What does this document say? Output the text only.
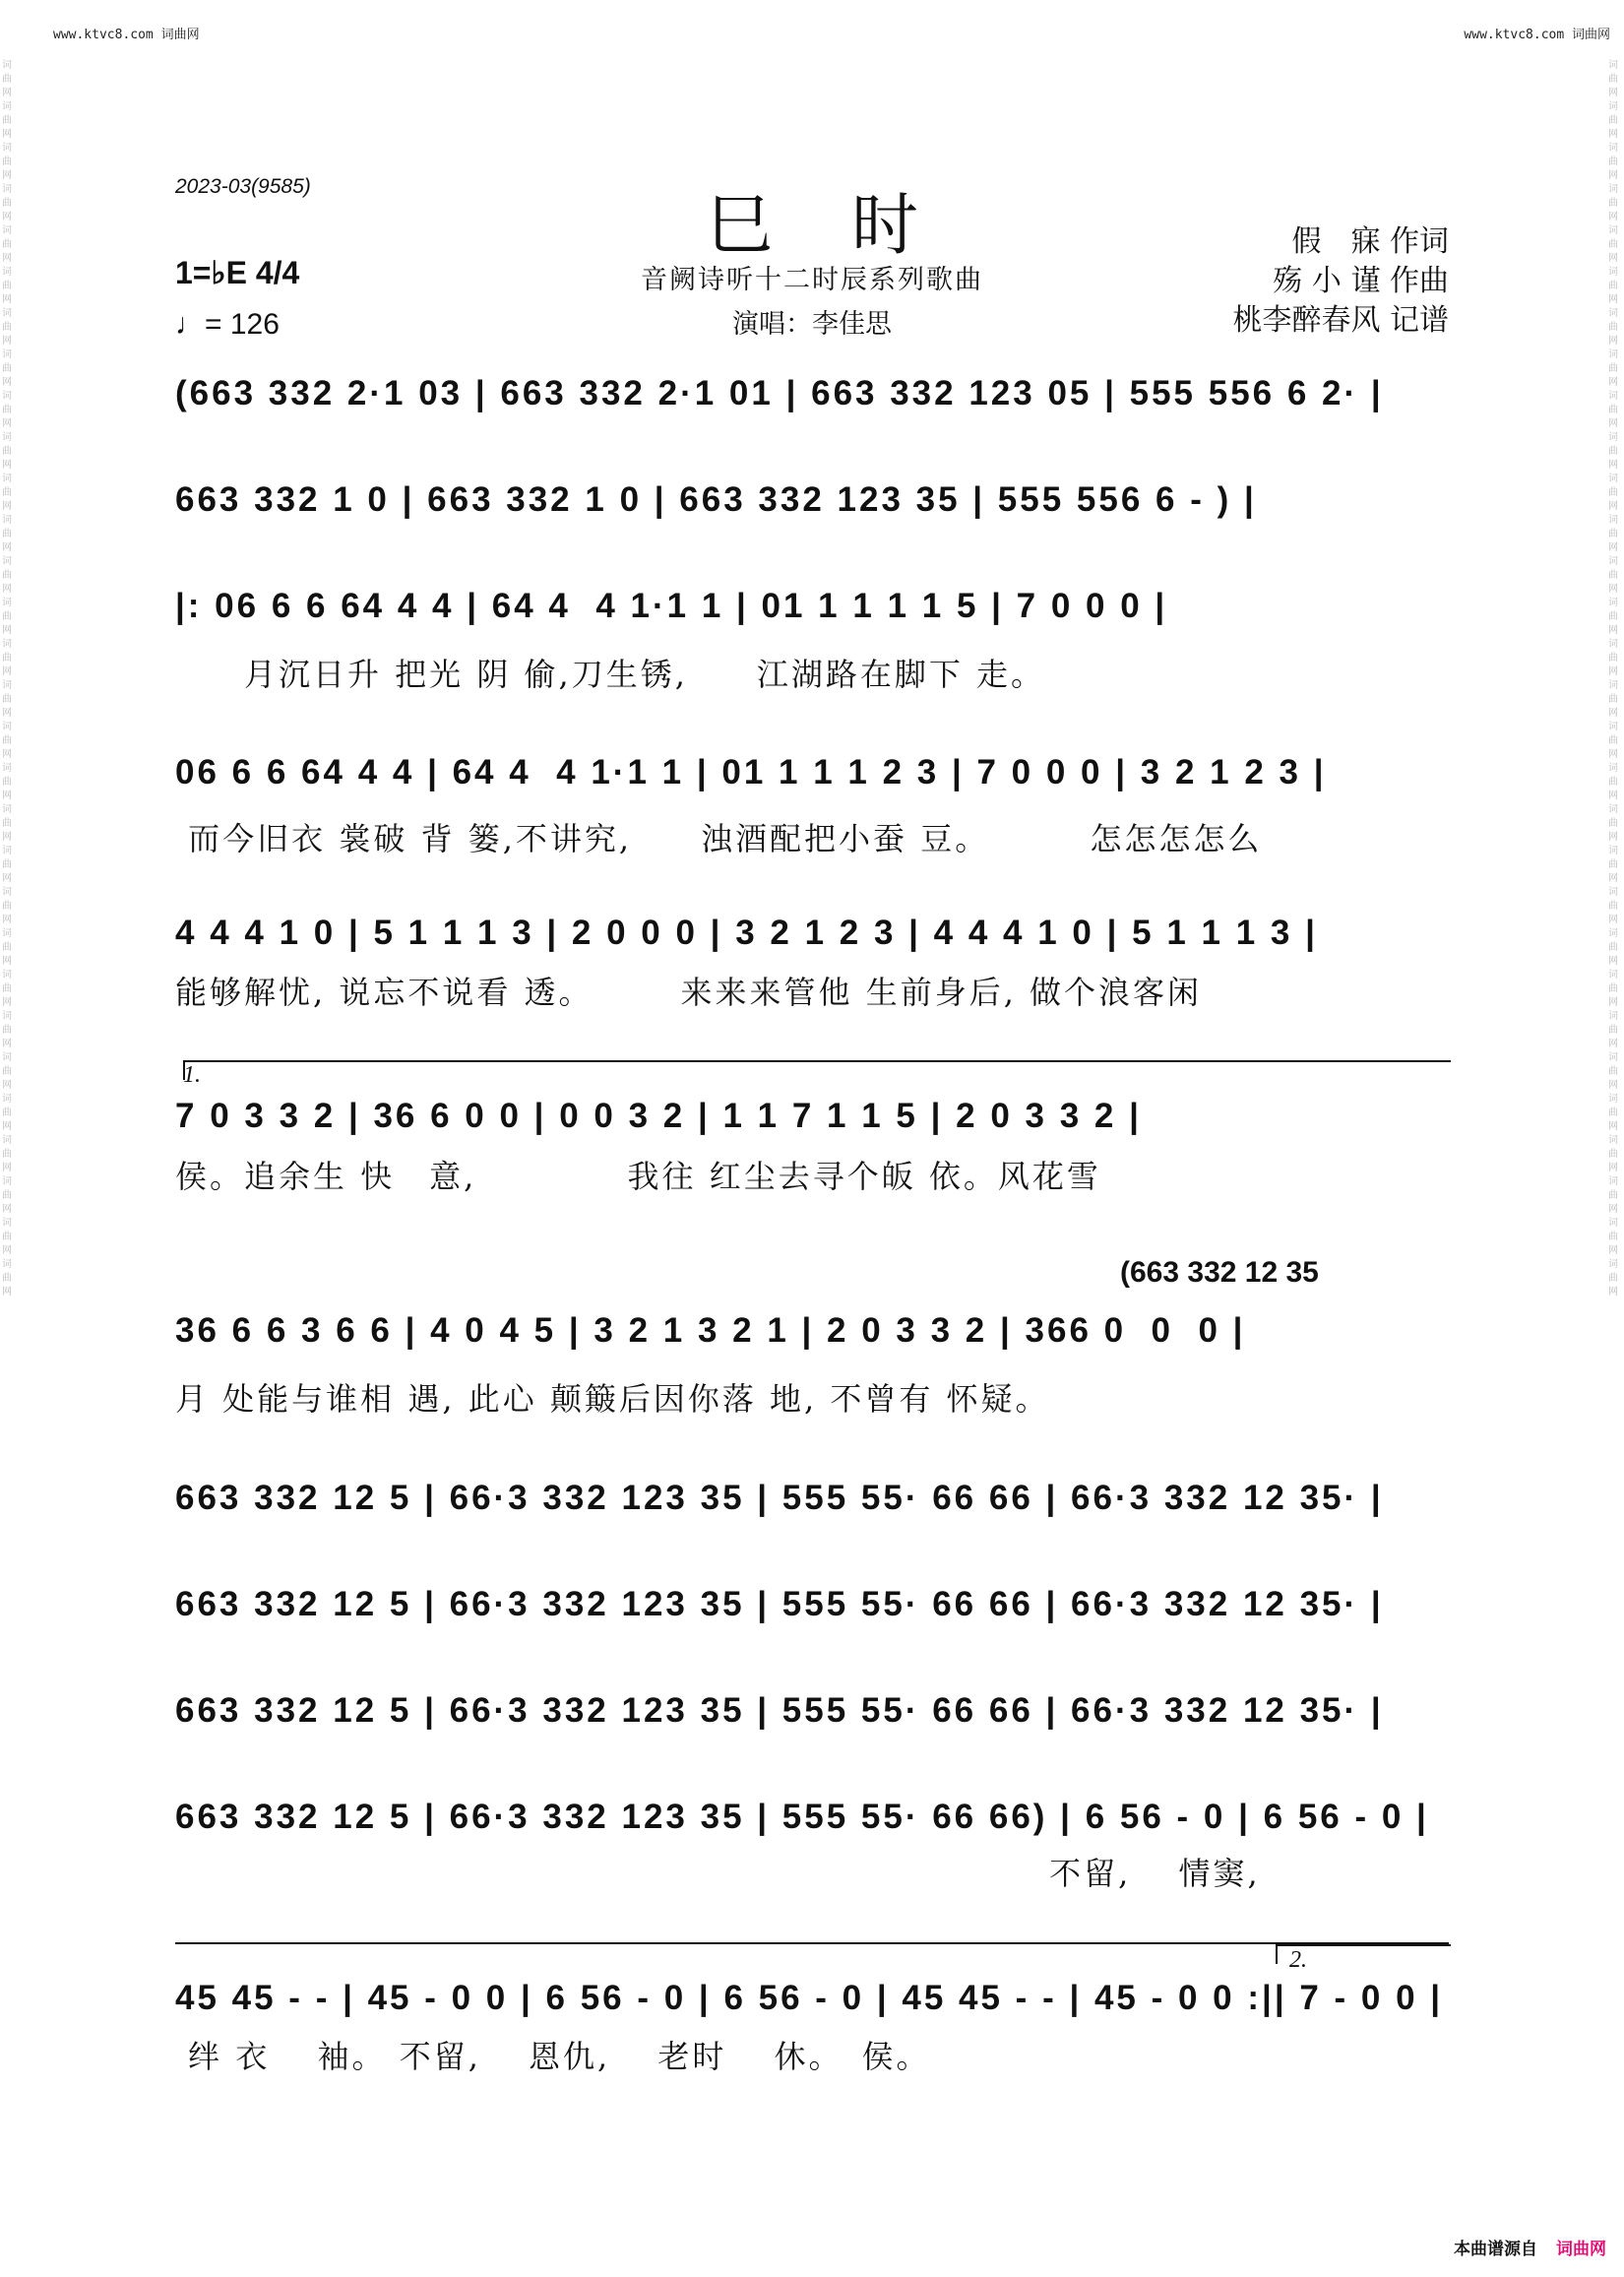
www.ktvc8.com 词曲网	www.ktvc8.com 词曲网
词曲网 词曲网 词曲网 词曲网 词曲网 词曲网 词曲网 词曲网 词曲网 词曲网 词曲网 词曲网 词曲网 词曲网 词曲网 词曲网 词曲网 词曲网 词曲网 词曲网 词曲网 词曲网 词曲网 词曲网 词曲网 词曲网 词曲网 词曲网 词曲网 词曲网
词曲网 词曲网 词曲网 词曲网 词曲网 词曲网 词曲网 词曲网 词曲网 词曲网 词曲网 词曲网 词曲网 词曲网 词曲网 词曲网 词曲网 词曲网 词曲网 词曲网 词曲网 词曲网 词曲网 词曲网 词曲网 词曲网 词曲网 词曲网 词曲网 词曲网
2023-03(9585)
巳时
音阙诗听十二时辰系列歌曲
演唱：李佳思
假　寐 作词
殇 小 谨 作曲
桃李醉春风 记谱
1=♭E 4/4
♩= 126
(663 332 2·1 03 | 663 332 2·1 01 | 663 332 123 05 | 555 556 6 2· |
663 332 1 0 | 663 332 1 0 | 663 332 123 35 | 555 556 6 - ) |
|: 06 6 6 64 4 4 | 64 4  4 1·1 1 | 01 1 1 1 1 5 | 7 0 0 0 |
　　月沉日升 把光 阴 偷,刀生锈,　　江湖路在脚下 走。
06 6 6 64 4 4 | 64 4  4 1·1 1 | 01 1 1 1 2 3 | 7 0 0 0 | 3 2 1 2 3 |
而今旧衣 裳破 背 篓,不讲究,　　浊酒配把小蚕 豆。　　　 怎怎怎怎么
4 4 4 1 0 | 5 1 1 1 3 | 2 0 0 0 | 3 2 1 2 3 | 4 4 4 1 0 | 5 1 1 1 3 |
能够解忧, 说忘不说看 透。　　　来来来管他 生前身后, 做个浪客闲
1.
7 0 3 3 2 | 36 6 0 0 | 0 0 3 2 | 1 1 7 1 1 5 | 2 0 3 3 2 |
侯。追余生 快　意,　　　　 我往 红尘去寻个皈 依。风花雪
(663 332 12 35
36 6 6 3 6 6 | 4 0 4 5 | 3 2 1 3 2 1 | 2 0 3 3 2 | 366 0  0  0 |
月 处能与谁相 遇, 此心 颠簸后因你落 地, 不曾有 怀疑。
663 332 12 5 | 66·3 332 123 35 | 555 55· 66 66 | 66·3 332 12 35· |
663 332 12 5 | 66·3 332 123 35 | 555 55· 66 66 | 66·3 332 12 35· |
663 332 12 5 | 66·3 332 123 35 | 555 55· 66 66 | 66·3 332 12 35· |
663 332 12 5 | 66·3 332 123 35 | 555 55· 66 66) | 6 56 - 0 | 6 56 - 0 |
　　　　　　　　　　　　　　　　　　　　　　　　　 不留,　 情窦,
2.
45 45 - - | 45 - 0 0 | 6 56 - 0 | 6 56 - 0 | 45 45 - - | 45 - 0 0 :|| 7 - 0 0 |
绊 衣 　袖。 不留, 　恩仇, 　老时 　休。　侯。
本曲谱源自 词曲网
